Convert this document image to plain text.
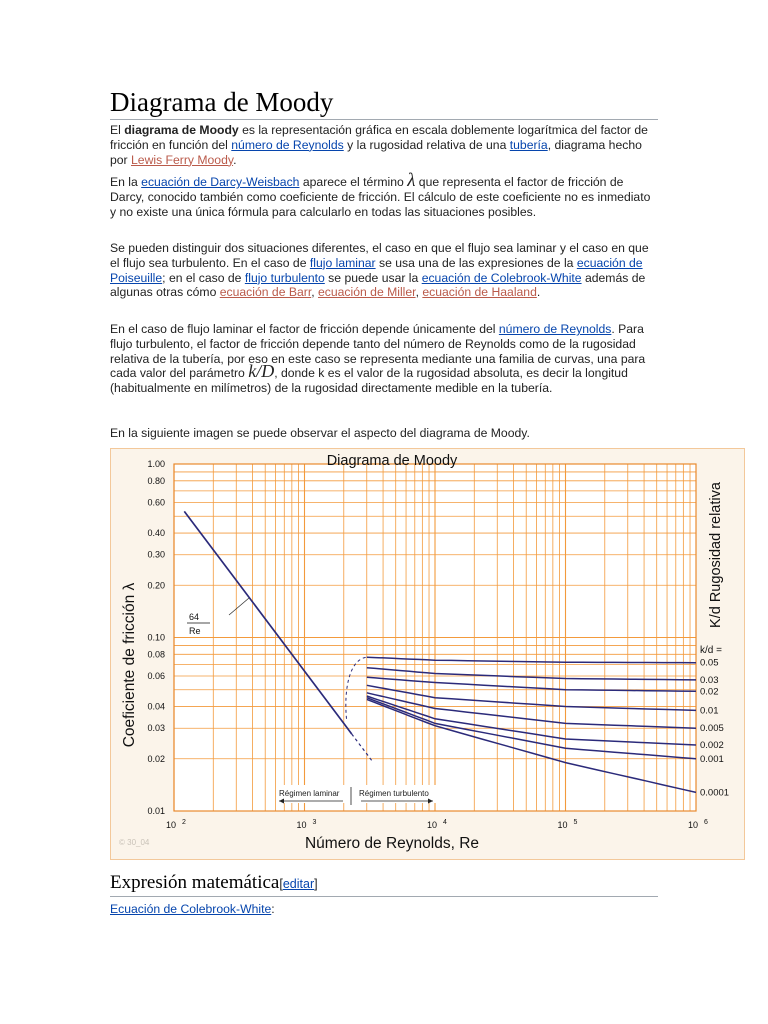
Diagrama de Moody

El diagrama de Moody es la representación gráfica en escala doblemente logarítmica del factor de fricción en función del número de Reynolds y la rugosidad relativa de una tubería, diagrama hecho por Lewis Ferry Moody.

En la ecuación de Darcy-Weisbach aparece el término λ que representa el factor de fricción de Darcy, conocido también como coeficiente de fricción. El cálculo de este coeficiente no es inmediato y no existe una única fórmula para calcularlo en todas las situaciones posibles.

Se pueden distinguir dos situaciones diferentes, el caso en que el flujo sea laminar y el caso en que el flujo sea turbulento. En el caso de flujo laminar se usa una de las expresiones de la ecuación de Poiseuille; en el caso de flujo turbulento se puede usar la ecuación de Colebrook-White además de algunas otras cómo ecuación de Barr, ecuación de Miller, ecuación de Haaland.

En el caso de flujo laminar el factor de fricción depende únicamente del número de Reynolds. Para flujo turbulento, el factor de fricción depende tanto del número de Reynolds como de la rugosidad relativa de la tubería, por eso en este caso se representa mediante una familia de curvas, una para cada valor del parámetro k/D, donde k es el valor de la rugosidad absoluta, es decir la longitud (habitualmente en milímetros) de la rugosidad directamente medible en la tubería.

En la siguiente imagen se puede observar el aspecto del diagrama de Moody.

Expresión matemática[editar]
Ecuación de Colebrook-White:
Diagrama de Moody
1.00
0.80
0.60
0.40
0.30
0.20
0.10
0.08
0.06
0.04
0.03
0.02
0.01
10 2	10 3	10 4	10 5	10 6
Número de Reynolds, Re
Coeficiente de fricción λ
K/d Rugosidad relativa
k/d =
0.05
0.03
0.02
0.01
0.005
0.002
0.001
0.0001
64
Re
Régimen laminar Régimen turbulento
© 30_04
